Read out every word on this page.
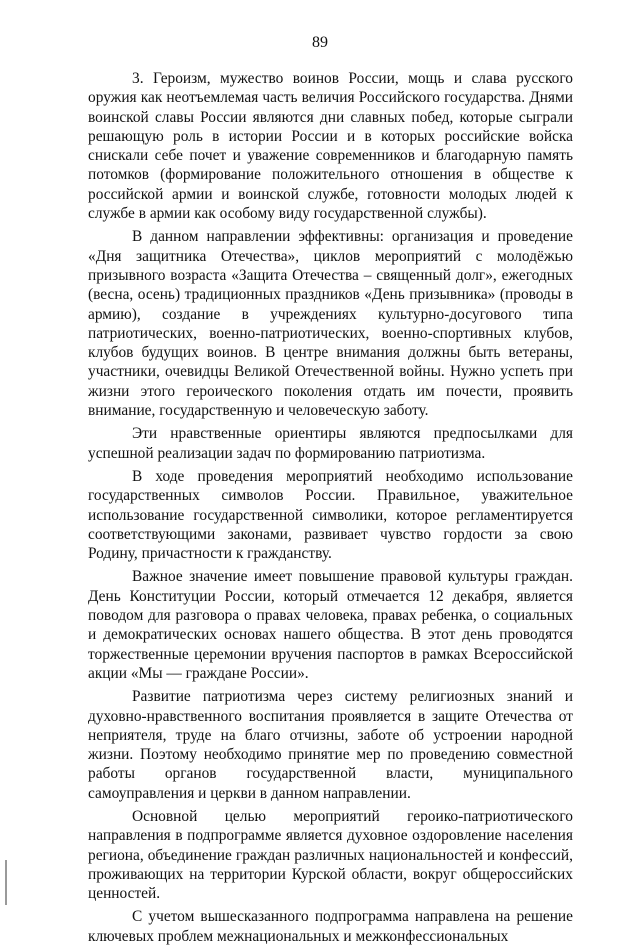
89

3. Героизм, мужество воинов России, мощь и слава русского оружия как неотъемлемая часть величия Российского государства. Днями воинской славы России являются дни славных побед, которые сыграли решающую роль в истории России и в которых российские войска снискали себе почет и уважение современников и благодарную память потомков (формирование положительного отношения в обществе к российской армии и воинской службе, готовности молодых людей к службе в армии как особому виду государственной службы).

В данном направлении эффективны: организация и проведение «Дня защитника Отечества», циклов мероприятий с молодёжью призывного возраста «Защита Отечества – священный долг», ежегодных (весна, осень) традиционных праздников «День призывника» (проводы в армию), создание в учреждениях культурно-досугового типа патриотических, военно-патриотических, военно-спортивных клубов, клубов будущих воинов. В центре внимания должны быть ветераны, участники, очевидцы Великой Отечественной войны. Нужно успеть при жизни этого героического поколения отдать им почести, проявить внимание, государственную и человеческую заботу.

Эти нравственные ориентиры являются предпосылками для успешной реализации задач по формированию патриотизма.

В ходе проведения мероприятий необходимо использование государственных символов России. Правильное, уважительное использование государственной символики, которое регламентируется соответствующими законами, развивает чувство гордости за свою Родину, причастности к гражданству.

Важное значение имеет повышение правовой культуры граждан. День Конституции России, который отмечается 12 декабря, является поводом для разговора о правах человека, правах ребенка, о социальных и демократических основах нашего общества. В этот день проводятся торжественные церемонии вручения паспортов в рамках Всероссийской акции «Мы — граждане России».

Развитие патриотизма через систему религиозных знаний и духовно-нравственного воспитания проявляется в защите Отечества от неприятеля, труде на благо отчизны, заботе об устроении народной жизни. Поэтому необходимо принятие мер по проведению совместной работы органов государственной власти, муниципального самоуправления и церкви в данном направлении.

Основной целью мероприятий героико-патриотического направления в подпрограмме является духовное оздоровление населения региона, объединение граждан различных национальностей и конфессий, проживающих на территории Курской области, вокруг общероссийских ценностей.

С учетом вышесказанного подпрограмма направлена на решение ключевых проблем межнациональных и межконфессиональных
